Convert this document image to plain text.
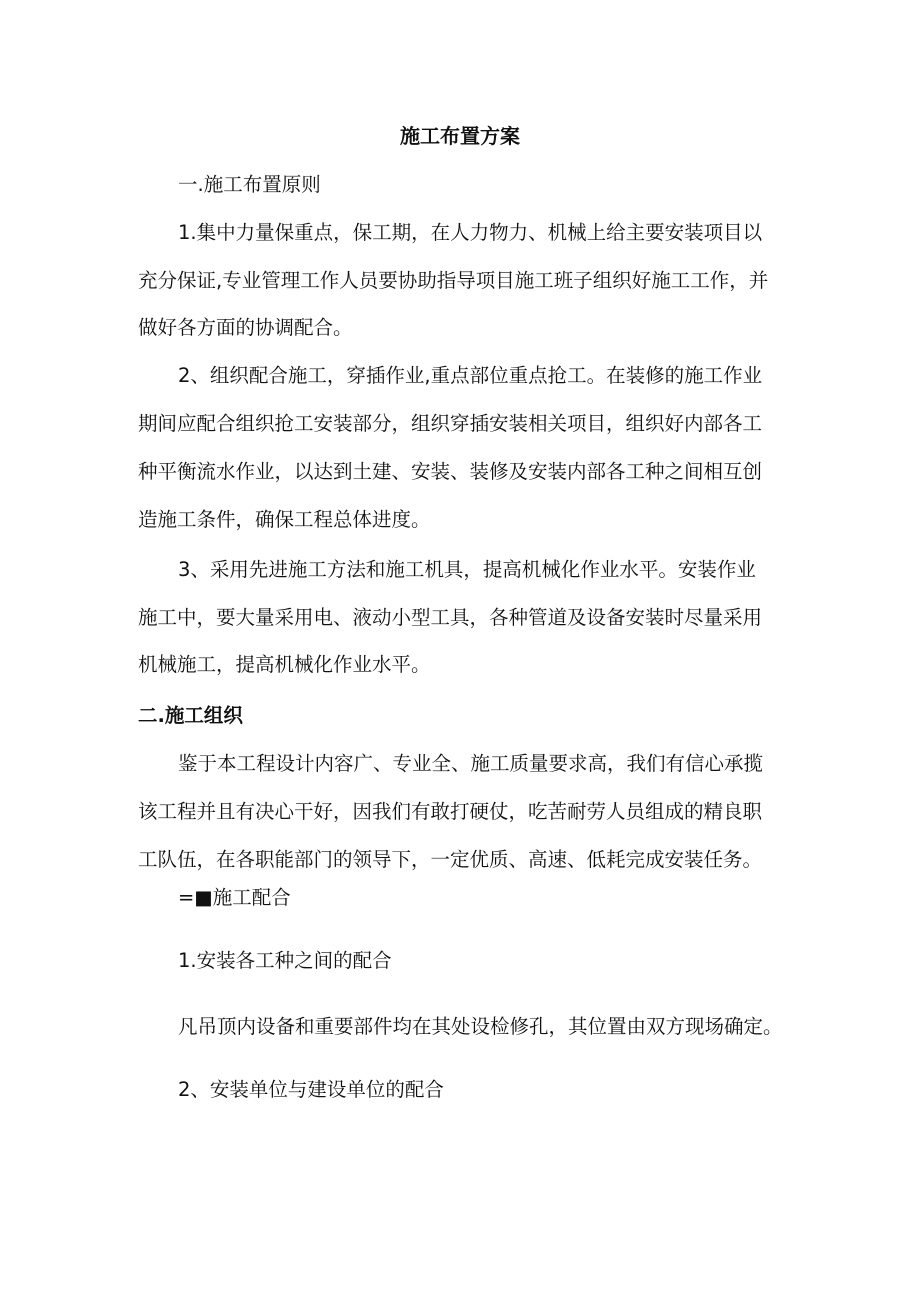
施工布置方案
一.施工布置原则
1.集中力量保重点，保工期，在人力物力、机械上给主要安装项目以
充分保证,专业管理工作人员要协助指导项目施工班子组织好施工工作，并
做好各方面的协调配合。
2、组织配合施工，穿插作业,重点部位重点抢工。在装修的施工作业
期间应配合组织抢工安装部分，组织穿插安装相关项目，组织好内部各工
种平衡流水作业，以达到土建、安装、装修及安装内部各工种之间相互创
造施工条件，确保工程总体进度。
3、采用先进施工方法和施工机具，提高机械化作业水平。安装作业
施工中，要大量采用电、液动小型工具，各种管道及设备安装时尽量采用
机械施工，提高机械化作业水平。
二.施工组织
鉴于本工程设计内容广、专业全、施工质量要求高，我们有信心承揽
该工程并且有决心干好，因我们有敢打硬仗，吃苦耐劳人员组成的精良职
工队伍，在各职能部门的领导下，一定优质、高速、低耗完成安装任务。
=■施工配合
1.安装各工种之间的配合
凡吊顶内设备和重要部件均在其处设检修孔，其位置由双方现场确定。
2、安装单位与建设单位的配合
